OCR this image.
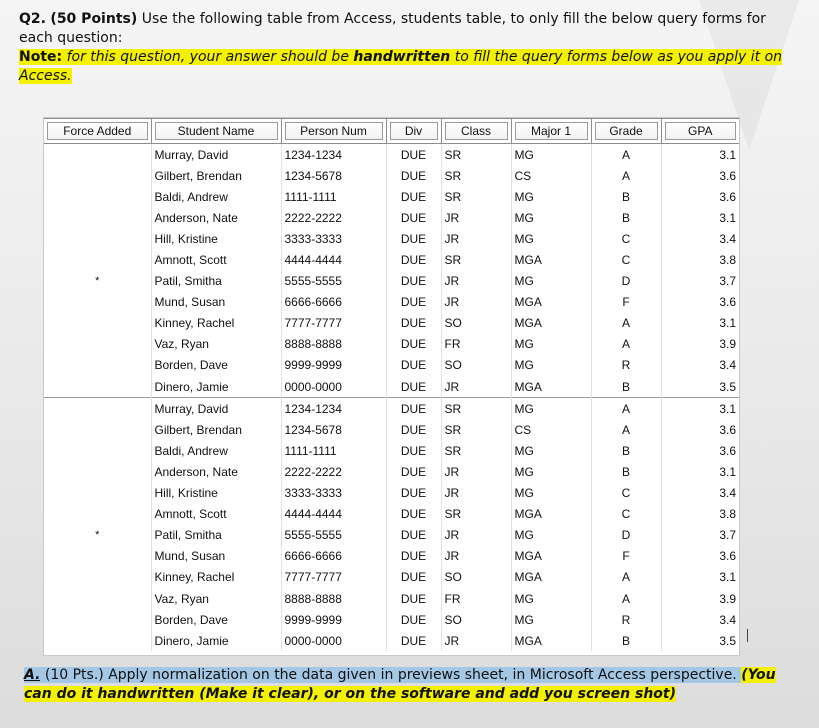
Q2. (50 Points) Use the following table from Access, students table, to only fill the below query forms for

each question:

Note: for this question, your answer should be handwritten to fill the query forms below as you apply it on

Access.

Force Added	Student Name	Person Num	Div	Class	Major 1	Grade	GPA

	Murray, David	1234-1234	DUE	SR	MG	A	3.1
	Gilbert, Brendan	1234-5678	DUE	SR	CS	A	3.6
	Baldi, Andrew	1111-1111	DUE	SR	MG	B	3.6
	Anderson, Nate	2222-2222	DUE	JR	MG	B	3.1
	Hill, Kristine	3333-3333	DUE	JR	MG	C	3.4
	Amnott, Scott	4444-4444	DUE	SR	MGA	C	3.8
*	Patil, Smitha	5555-5555	DUE	JR	MG	D	3.7
	Mund, Susan	6666-6666	DUE	JR	MGA	F	3.6
	Kinney, Rachel	7777-7777	DUE	SO	MGA	A	3.1
	Vaz, Ryan	8888-8888	DUE	FR	MG	A	3.9
	Borden, Dave	9999-9999	DUE	SO	MG	R	3.4
	Dinero, Jamie	0000-0000	DUE	JR	MGA	B	3.5
	Murray, David	1234-1234	DUE	SR	MG	A	3.1
	Gilbert, Brendan	1234-5678	DUE	SR	CS	A	3.6
	Baldi, Andrew	1111-1111	DUE	SR	MG	B	3.6
	Anderson, Nate	2222-2222	DUE	JR	MG	B	3.1
	Hill, Kristine	3333-3333	DUE	JR	MG	C	3.4
	Amnott, Scott	4444-4444	DUE	SR	MGA	C	3.8
*	Patil, Smitha	5555-5555	DUE	JR	MG	D	3.7
	Mund, Susan	6666-6666	DUE	JR	MGA	F	3.6
	Kinney, Rachel	7777-7777	DUE	SO	MGA	A	3.1
	Vaz, Ryan	8888-8888	DUE	FR	MG	A	3.9
	Borden, Dave	9999-9999	DUE	SO	MG	R	3.4
	Dinero, Jamie	0000-0000	DUE	JR	MGA	B	3.5

A. (10 Pts.) Apply normalization on the data given in previews sheet, in Microsoft Access perspective. (You

can do it handwritten (Make it clear), or on the software and add you screen shot)
